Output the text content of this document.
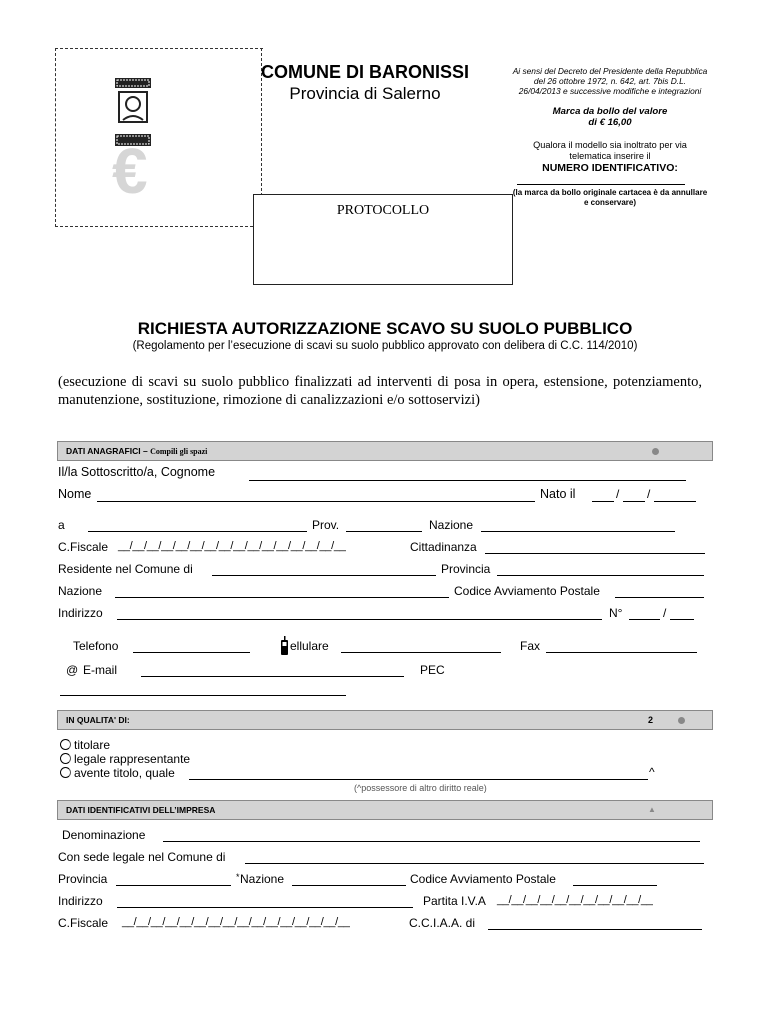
€
COMUNE DI BARONISSI
Provincia di Salerno
PROTOCOLLO
Ai sensi del Decreto del Presidente della Repubblica del 26 ottobre 1972, n. 642, art. 7bis D.L. 26/04/2013 e successive modifiche e integrazioni
Marca da bollo del valore
di € 16,00
Qualora il modello sia inoltrato per via telematica inserire il
NUMERO IDENTIFICATIVO:
(la marca da bollo originale cartacea è da annullare e conservare)
RICHIESTA AUTORIZZAZIONE SCAVO SU SUOLO PUBBLICO
(Regolamento per l’esecuzione di scavi su suolo pubblico approvato con delibera di C.C. 114/2010)
(esecuzione di scavi su suolo pubblico finalizzati ad interventi di posa in opera, estensione, potenziamento, manutenzione, sostituzione, rimozione di canalizzazioni e/o sottoservizi)
DATI ANAGRAFICI – Compili gli spazi
Il/la Sottoscritto/a, Cognome
Nome	Nato il	/ /
a	Prov.	Nazione
C.Fiscale __/__/__/__/__/__/__/__/__/__/__/__/__/__/__/__	Cittadinanza
Residente nel Comune di	Provincia
Nazione	Codice Avviamento Postale
Indirizzo	N°	/
Telefono	ellulare	Fax
@ E-mail	PEC
IN QUALITA' DI:	2
titolare
legale rappresentante
avente titolo, quale	^
(^possessore di altro diritto reale)
DATI IDENTIFICATIVI DELL’IMPRESA	▲
Denominazione
Con sede legale nel Comune di
Provincia	* Nazione	Codice Avviamento Postale
Indirizzo	Partita I.V.A __/__/__/__/__/__/__/__/__/__/__
C.Fiscale __/__/__/__/__/__/__/__/__/__/__/__/__/__/__/__	C.C.I.A.A. di
